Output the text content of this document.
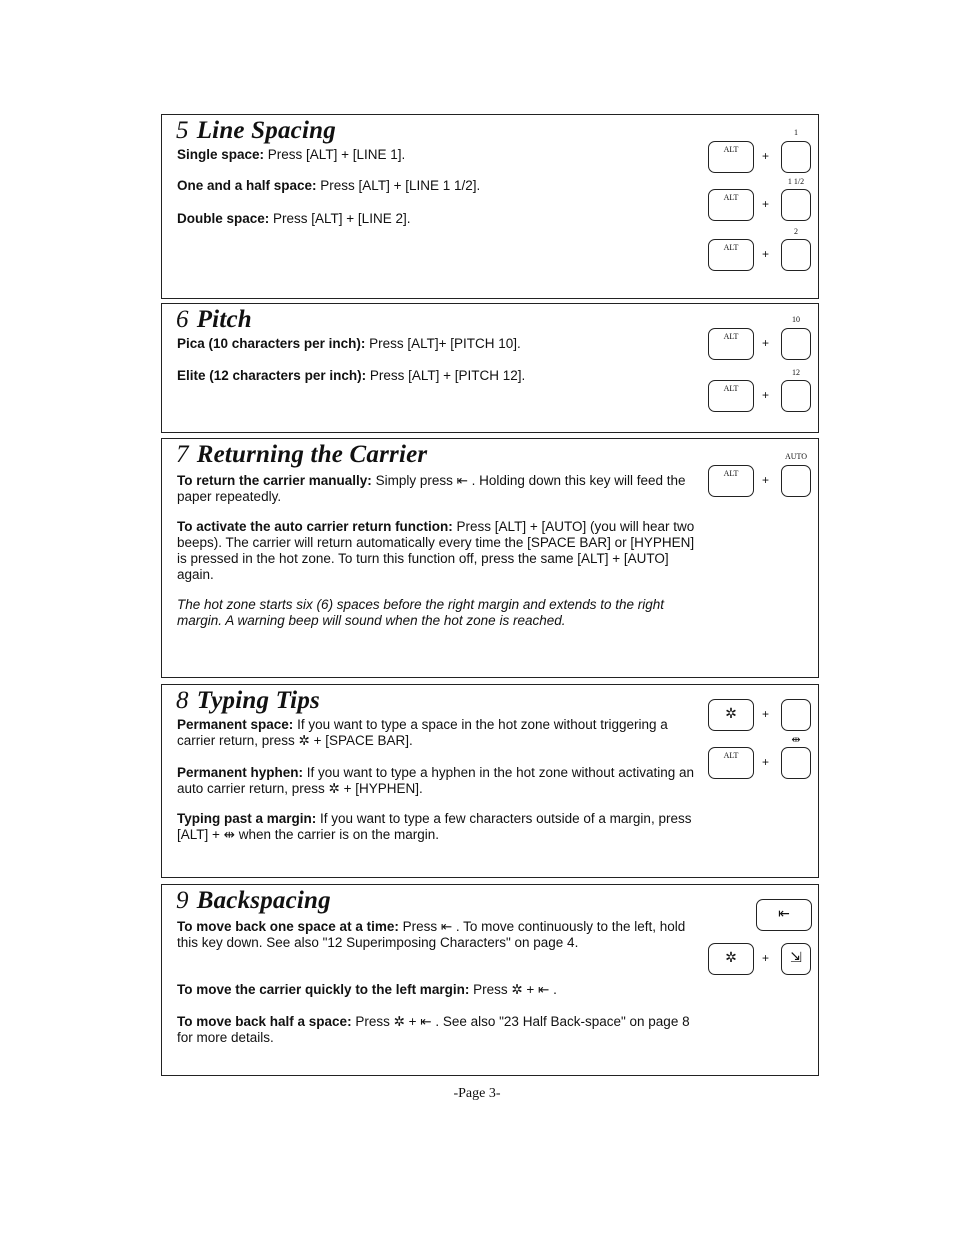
5 Line Spacing
Single space: Press [ALT] + [LINE 1].
One and a half space: Press [ALT] + [LINE 1 1/2].
Double space: Press [ALT] + [LINE 2].
1
ALT	+
1 1/2
ALT	+
2
ALT	+
6 Pitch
Pica (10 characters per inch): Press [ALT]+ [PITCH 10].
Elite (12 characters per inch): Press [ALT] + [PITCH 12].
10
ALT	+
12
ALT	+
7 Returning the Carrier
To return the carrier manually: Simply press ⇤ . Holding down this key will feed the paper repeatedly.
To activate the auto carrier return function: Press [ALT] + [AUTO] (you will hear two beeps). The carrier will return automatically every time the [SPACE BAR] or [HYPHEN] is pressed in the hot zone. To turn this function off, press the same [ALT] + [AUTO] again.
The hot zone starts six (6) spaces before the right margin and extends to the right margin. A warning beep will sound when the hot zone is reached.
AUTO
ALT	+
8 Typing Tips
Permanent space: If you want to type a space in the hot zone without triggering a carrier return, press ✲ + [SPACE BAR].
Permanent hyphen: If you want to type a hyphen in the hot zone without activating an auto carrier return, press ✲ + [HYPHEN].
Typing past a margin: If you want to type a few characters outside of a margin, press [ALT] + ⇹ when the carrier is on the margin.
✲	+
⇹
ALT	+
9 Backspacing
To move back one space at a time: Press ⇤ . To move continuously to the left, hold this key down. See also "12 Superimposing Characters" on page 4.
To move the carrier quickly to the left margin: Press ✲ + ⇤ .
To move back half a space: Press ✲ + ⇤ . See also "23 Half Back-space" on page 8 for more details.
⇤
✲	+	⇲
-Page 3-
